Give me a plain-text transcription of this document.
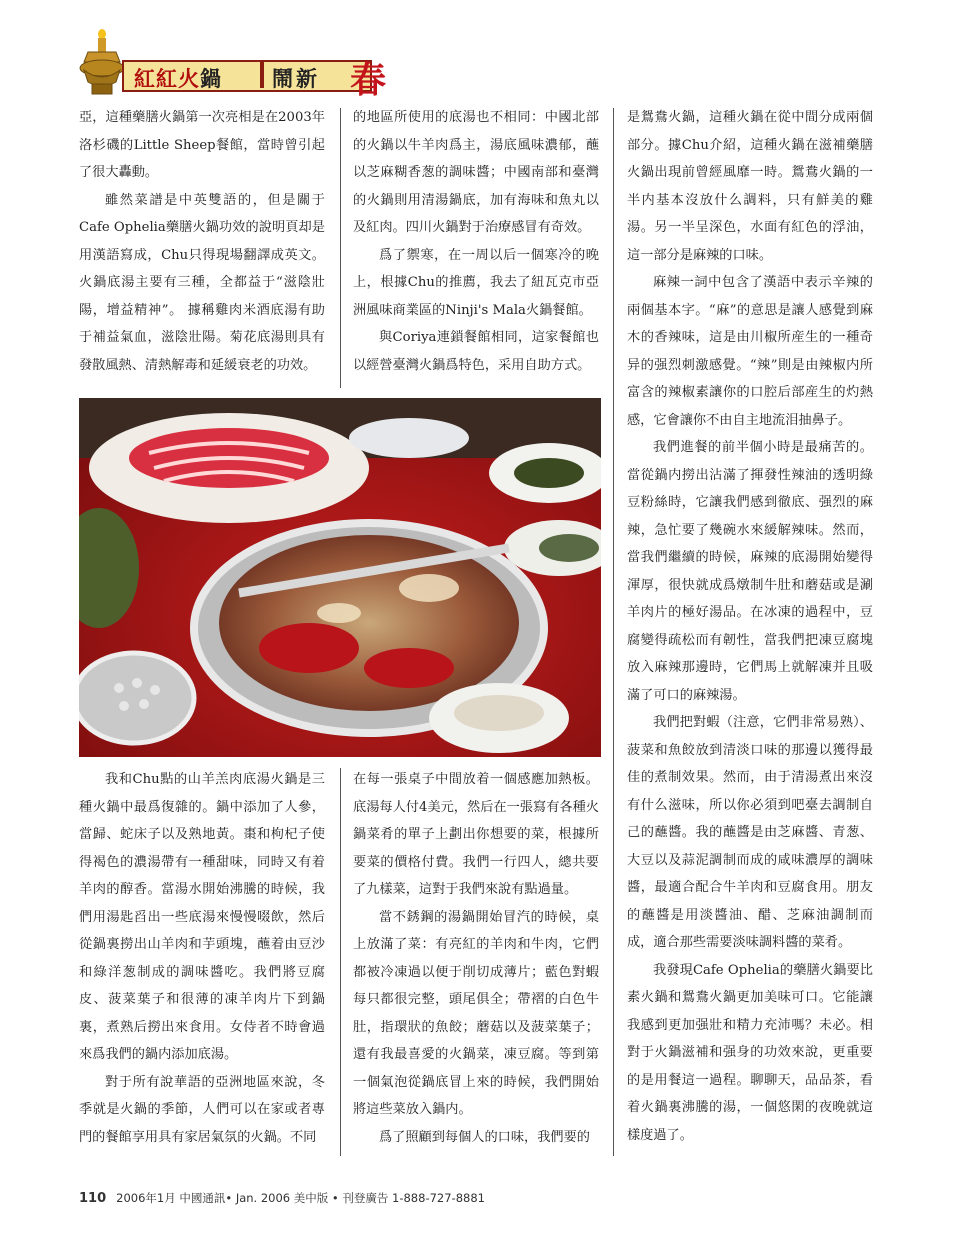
紅紅火鍋 鬧新 春

亞，這種藥膳火鍋第一次亮相是在2003年洛杉磯的Little Sheep餐館，當時曾引起了很大轟動。

雖然菜譜是中英雙語的，但是關于Cafe Ophelia藥膳火鍋功效的說明頁却是用漢語寫成，Chu只得現場翻譯成英文。火鍋底湯主要有三種，全都益于“滋陰壯陽，增益精神”。 據稱雞肉米酒底湯有助于補益氣血，滋陰壯陽。菊花底湯則具有發散風熱、清熱解毒和延緩衰老的功效。

的地區所使用的底湯也不相同：中國北部的火鍋以牛羊肉爲主，湯底風味濃郁，蘸以芝麻糊香葱的調味醬；中國南部和臺灣的火鍋則用清湯鍋底，加有海味和魚丸以及紅肉。四川火鍋對于治療感冒有奇效。

爲了禦寒，在一周以后一個寒冷的晚上，根據Chu的推薦，我去了紐瓦克市亞洲風味商業區的Ninji's Mala火鍋餐館。

與Coriya連鎖餐館相同，這家餐館也以經營臺灣火鍋爲特色，采用自助方式。

我和Chu點的山羊羔肉底湯火鍋是三種火鍋中最爲復雜的。鍋中添加了人參，當歸、蛇床子以及熟地黃。棗和枸杞子使得褐色的濃湯帶有一種甜味，同時又有着羊肉的醇香。當湯水開始沸騰的時候，我們用湯匙舀出一些底湯來慢慢啜飲，然后從鍋裏撈出山羊肉和芋頭塊，蘸着由豆沙和綠洋葱制成的調味醬吃。我們將豆腐皮、菠菜葉子和很薄的凍羊肉片下到鍋裏，煮熟后撈出來食用。女侍者不時會過來爲我們的鍋内添加底湯。

對于所有說華語的亞洲地區來說，冬季就是火鍋的季節，人們可以在家或者專門的餐館享用具有家居氣氛的火鍋。不同

在每一張桌子中間放着一個感應加熱板。底湯每人付4美元，然后在一張寫有各種火鍋菜肴的單子上劃出你想要的菜，根據所要菜的價格付費。我們一行四人，總共要了九樣菜，這對于我們來說有點過量。

當不銹鋼的湯鍋開始冒汽的時候，桌上放滿了菜：有亮紅的羊肉和牛肉，它們都被冷凍過以便于削切成薄片；藍色對蝦每只都很完整，頭尾俱全；帶褶的白色牛肚，指環狀的魚餃；蘑菇以及菠菜葉子；還有我最喜愛的火鍋菜，凍豆腐。等到第一個氣泡從鍋底冒上來的時候，我們開始將這些菜放入鍋内。

爲了照顧到每個人的口味，我們要的

是鴛鴦火鍋，這種火鍋在從中間分成兩個部分。據Chu介紹，這種火鍋在滋補藥膳火鍋出現前曾經風靡一時。鴛鴦火鍋的一半内基本沒放什么調料，只有鮮美的雞湯。另一半呈深色，水面有紅色的浮油，這一部分是麻辣的口味。

麻辣一詞中包含了漢語中表示辛辣的兩個基本字。“麻”的意思是讓人感覺到麻木的香辣味，這是由川椒所産生的一種奇异的强烈刺激感覺。“辣”則是由辣椒内所富含的辣椒素讓你的口腔后部産生的灼熱感，它會讓你不由自主地流泪抽鼻子。

我們進餐的前半個小時是最痛苦的。當從鍋内撈出沾滿了揮發性辣油的透明綠豆粉絲時，它讓我們感到徹底、强烈的麻辣，急忙要了幾碗水來緩解辣味。然而，當我們繼續的時候，麻辣的底湯開始變得渾厚，很快就成爲燉制牛肚和蘑菇或是涮羊肉片的極好湯品。在冰凍的過程中，豆腐變得疏松而有韌性，當我們把凍豆腐塊放入麻辣那邊時，它們馬上就解凍并且吸滿了可口的麻辣湯。

我們把對蝦（注意，它們非常易熟）、菠菜和魚餃放到清淡口味的那邊以獲得最佳的煮制效果。然而，由于清湯煮出來沒有什么滋味，所以你必須到吧臺去調制自己的蘸醬。我的蘸醬是由芝麻醬、青葱、大豆以及蒜泥調制而成的咸味濃厚的調味醬，最適合配合牛羊肉和豆腐食用。朋友的蘸醬是用淡醬油、醋、芝麻油調制而成，適合那些需要淡味調料醬的菜肴。

我發現Cafe Ophelia的藥膳火鍋要比素火鍋和鴛鴦火鍋更加美味可口。它能讓我感到更加强壯和精力充沛嗎？未必。相對于火鍋滋補和强身的功效來說，更重要的是用餐這一過程。聊聊天，品品茶，看着火鍋裏沸騰的湯，一個悠閑的夜晚就這樣度過了。

110 2006年1月 中國通訊• Jan. 2006 美中版 • 刊登廣告 1-888-727-8881
